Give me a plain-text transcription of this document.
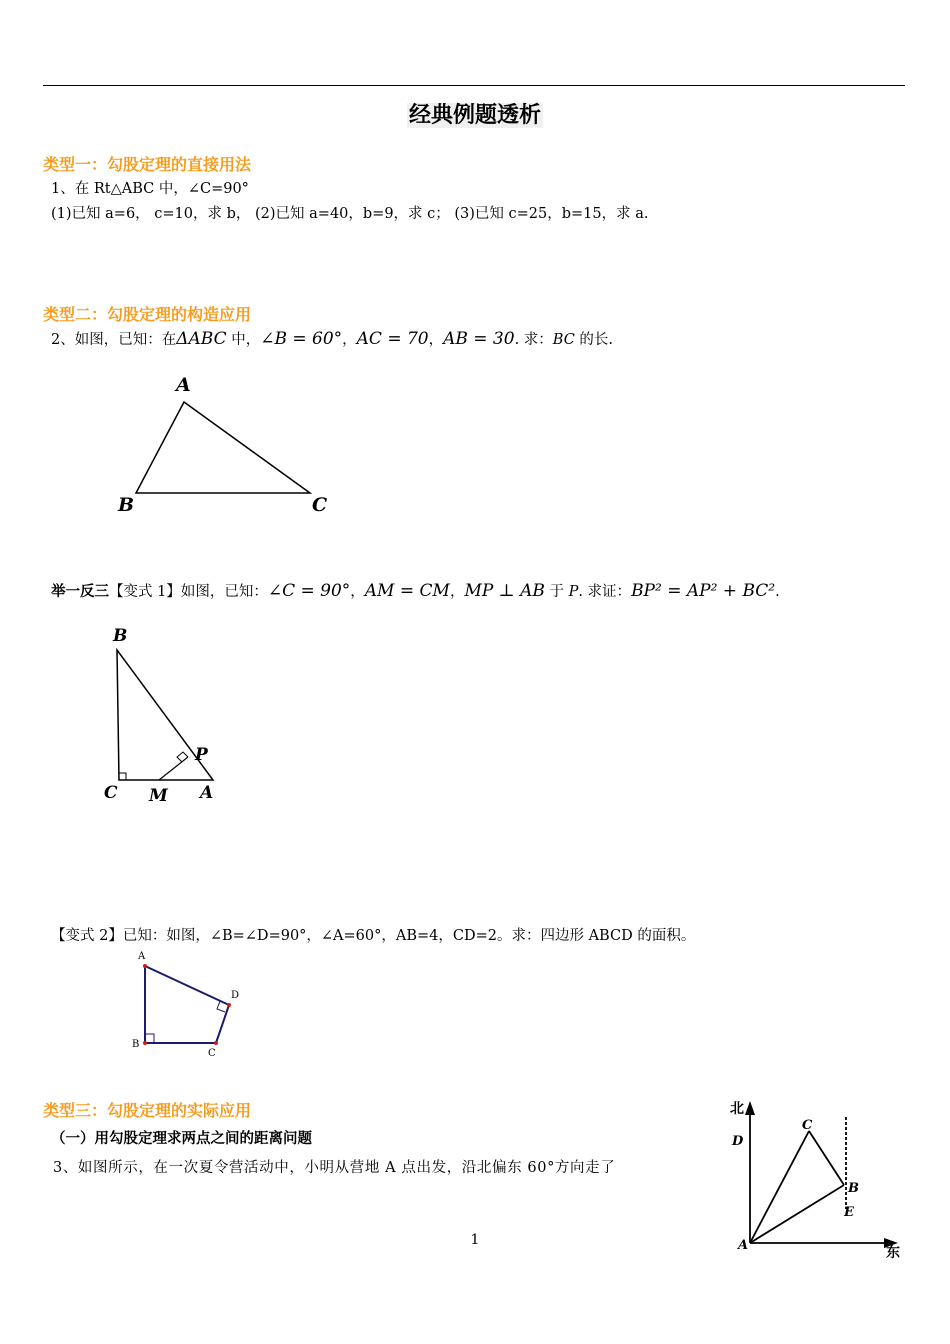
经典例题透析
类型一：勾股定理的直接用法
1、在 Rt△ABC 中，∠C=90°
(1)已知 a=6， c=10，求 b， (2)已知 a=40，b=9，求 c； (3)已知 c=25，b=15，求 a.
类型二：勾股定理的构造应用
2、如图，已知：在ΔABC 中，∠B = 60°，AC = 70，AB = 30. 求：BC 的长.
A
B	C
举一反三【变式 1】如图，已知：∠C = 90°，AM = CM，MP ⊥ AB 于 P. 求证：BP² = AP² + BC².
B
P
C M A
【变式 2】已知：如图，∠B=∠D=90°，∠A=60°，AB=4，CD=2。求：四边形 ABCD 的面积。
A
D
B
C
类型三：勾股定理的实际应用
（一）用勾股定理求两点之间的距离问题
3、如图所示，在一次夏令营活动中，小明从营地 A 点出发，沿北偏东 60°方向走了
北
东
D
C
B
E
A
1
